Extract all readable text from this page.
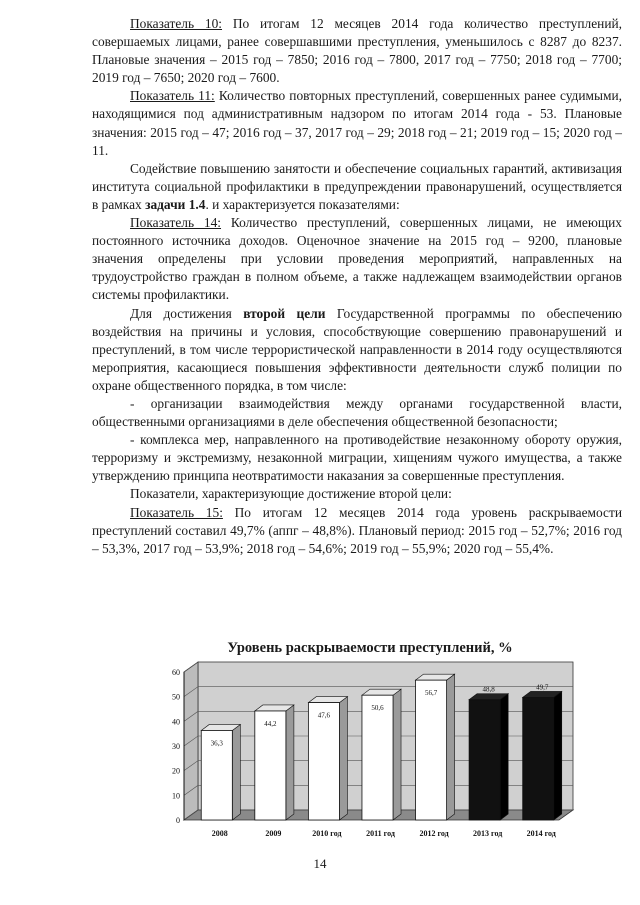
Показатель 10: По итогам 12 месяцев 2014 года количество преступлений, совершаемых лицами, ранее совершавшими преступления, уменьшилось с 8287 до 8237. Плановые значения – 2015 год – 7850; 2016 год – 7800, 2017 год – 7750; 2018 год – 7700; 2019 год – 7650; 2020 год – 7600.

Показатель 11: Количество повторных преступлений, совершенных ранее судимыми, находящимися под административным надзором по итогам 2014 года - 53. Плановые значения: 2015 год – 47; 2016 год – 37, 2017 год – 29; 2018 год – 21; 2019 год – 15; 2020 год – 11.

Содействие повышению занятости и обеспечение социальных гарантий, активизация института социальной профилактики в предупреждении правонарушений, осуществляется в рамках задачи 1.4. и характеризуется показателями:

Показатель 14: Количество преступлений, совершенных лицами, не имеющих постоянного источника доходов. Оценочное значение на 2015 год – 9200, плановые значения определены при условии проведения мероприятий, направленных на трудоустройство граждан в полном объеме, а также надлежащем взаимодействии органов системы профилактики.

Для достижения второй цели Государственной программы по обеспечению воздействия на причины и условия, способствующие совершению правонарушений и преступлений, в том числе террористической направленности в 2014 году осуществляются мероприятия, касающиеся повышения эффективности деятельности служб полиции по охране общественного порядка, в том числе:

- организации взаимодействия между органами государственной власти, общественными организациями в деле обеспечения общественной безопасности;

- комплекса мер, направленного на противодействие незаконному обороту оружия, терроризму и экстремизму, незаконной миграции, хищениям чужого имущества, а также утверждению принципа неотвратимости наказания за совершенные преступления.

Показатели, характеризующие достижение второй цели:

Показатель 15: По итогам 12 месяцев 2014 года уровень раскрываемости преступлений составил 49,7% (аппг – 48,8%). Плановый период: 2015 год – 52,7%; 2016 год – 53,3%, 2017 год – 53,9%; 2018 год – 54,6%; 2019 год – 55,9%; 2020 год – 55,4%.

Уровень раскрываемости преступлений, %
0
10
20
30
40
50
60
36,3
2008
44,2
2009
47,6
2010 год
50,6
2011 год
56,7
2012 год
48,8
2013 год
49,7
2014 год
14
